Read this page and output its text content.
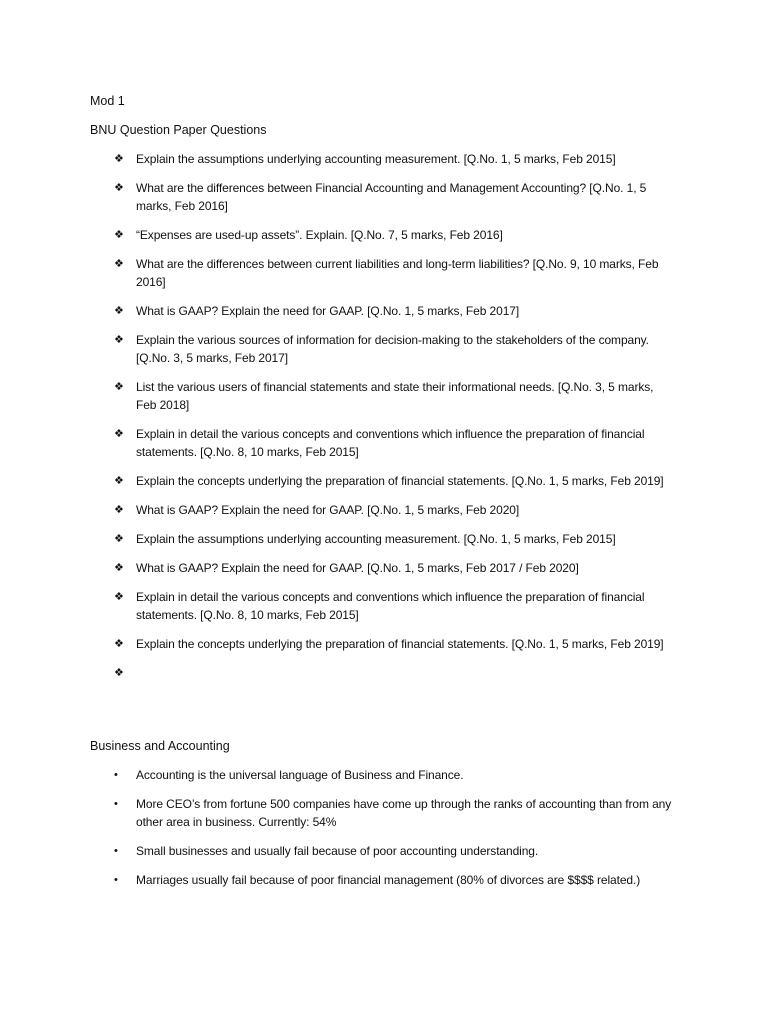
Mod 1
BNU Question Paper Questions
❖	Explain the assumptions underlying accounting measurement. [Q.No. 1, 5 marks, Feb 2015]
❖	What are the differences between Financial Accounting and Management Accounting? [Q.No. 1, 5 marks, Feb 2016]
❖	“Expenses are used-up assets”. Explain. [Q.No. 7, 5 marks, Feb 2016]
❖	What are the differences between current liabilities and long-term liabilities? [Q.No. 9, 10 marks, Feb 2016]
❖	What is GAAP? Explain the need for GAAP. [Q.No. 1, 5 marks, Feb 2017]
❖	Explain the various sources of information for decision-making to the stakeholders of the company. [Q.No. 3, 5 marks, Feb 2017]
❖	List the various users of financial statements and state their informational needs. [Q.No. 3, 5 marks, Feb 2018]
❖	Explain in detail the various concepts and conventions which influence the preparation of financial statements. [Q.No. 8, 10 marks, Feb 2015]
❖	Explain the concepts underlying the preparation of financial statements. [Q.No. 1, 5 marks, Feb 2019]
❖	What is GAAP? Explain the need for GAAP. [Q.No. 1, 5 marks, Feb 2020]
❖	Explain the assumptions underlying accounting measurement. [Q.No. 1, 5 marks, Feb 2015]
❖	What is GAAP? Explain the need for GAAP. [Q.No. 1, 5 marks, Feb 2017 / Feb 2020]
❖	Explain in detail the various concepts and conventions which influence the preparation of financial statements. [Q.No. 8, 10 marks, Feb 2015]
❖	Explain the concepts underlying the preparation of financial statements. [Q.No. 1, 5 marks, Feb 2019]
❖
Business and Accounting
• Accounting is the universal language of Business and Finance.
• More CEO’s from fortune 500 companies have come up through the ranks of accounting than from any other area in business. Currently: 54%
• Small businesses and usually fail because of poor accounting understanding.
• Marriages usually fail because of poor financial management (80% of divorces are $$$$ related.)
